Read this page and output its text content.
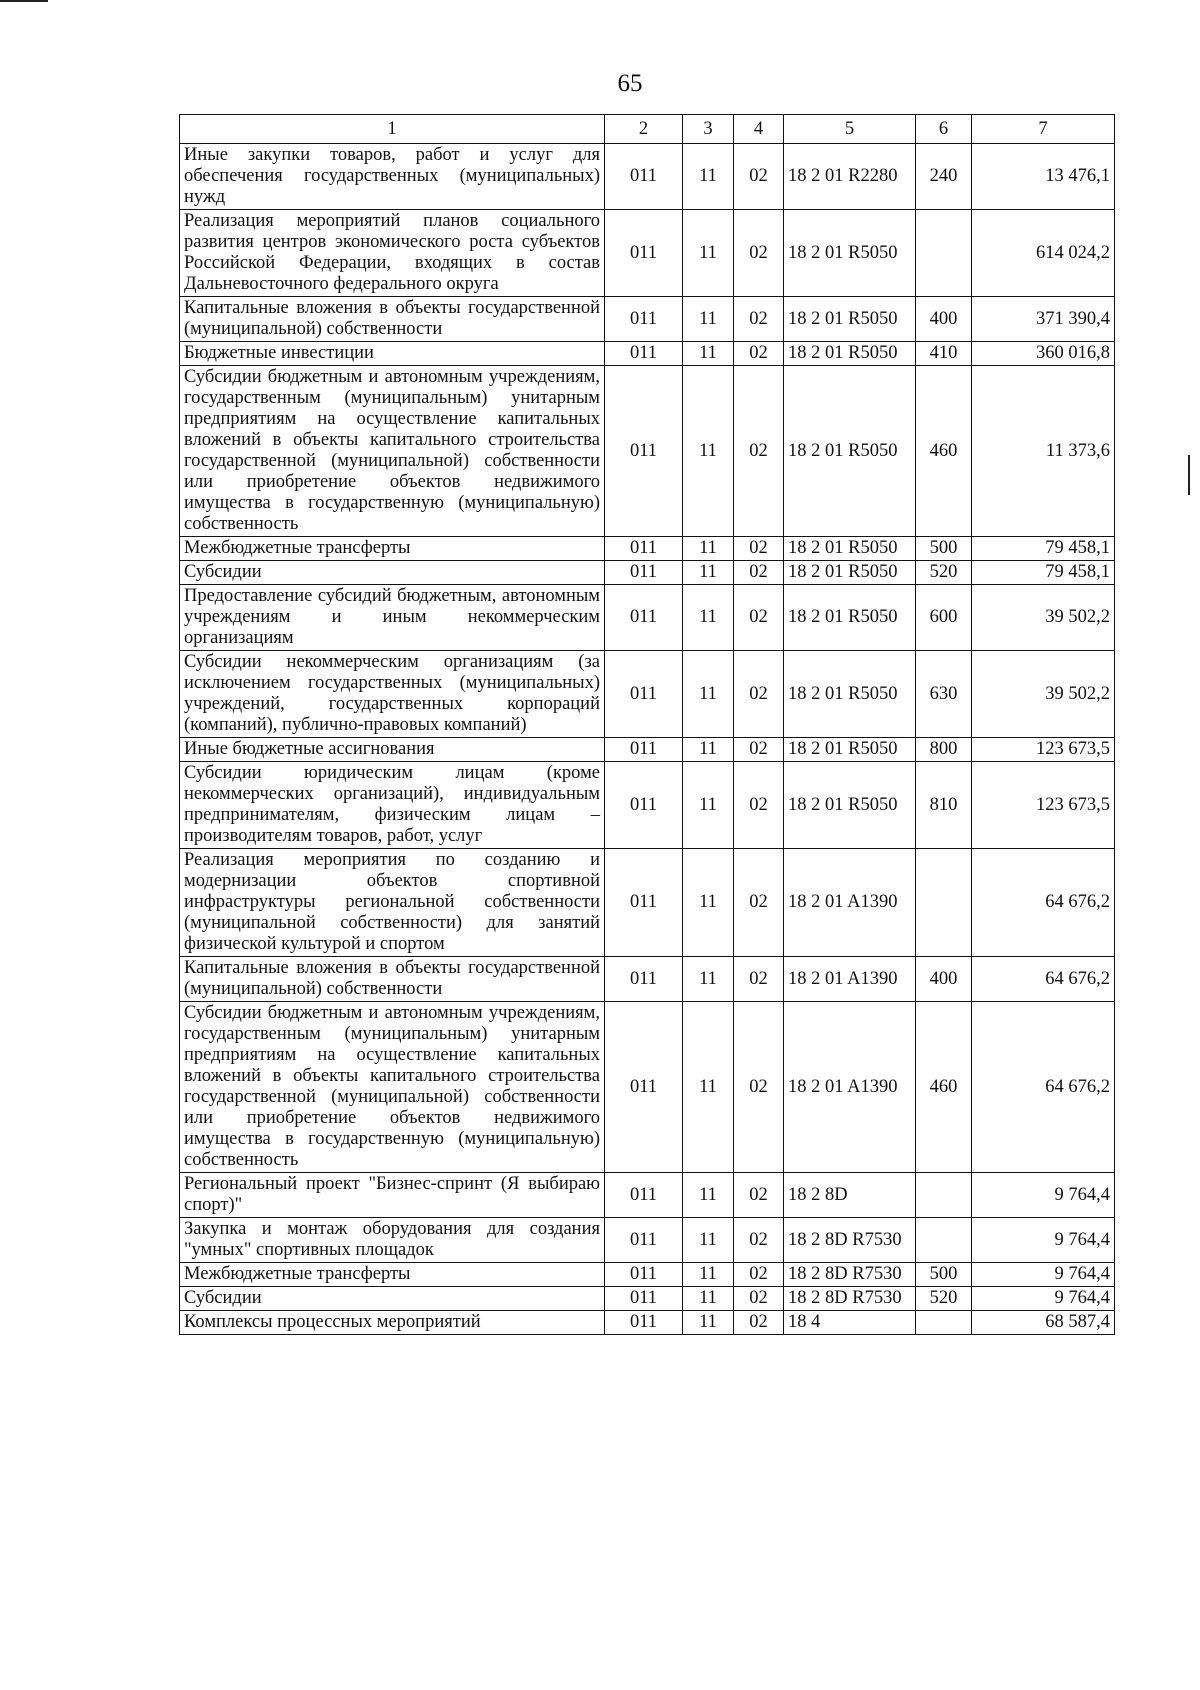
65
1	2	3	4	5	6	7
Иные закупки товаров, работ и услуг для обеспечения государственных (муниципальных) нужд	011	11	02	18 2 01 R2280	240	13 476,1
Реализация мероприятий планов социального развития центров экономического роста субъектов Российской Федерации, входящих в состав Дальневосточного федерального округа	011	11	02	18 2 01 R5050		614 024,2
Капитальные вложения в объекты государственной (муниципальной) собственности	011	11	02	18 2 01 R5050	400	371 390,4
Бюджетные инвестиции	011	11	02	18 2 01 R5050	410	360 016,8
Субсидии бюджетным и автономным учреждениям, государственным (муниципальным) унитарным предприятиям на осуществление капитальных вложений в объекты капитального строительства государственной (муниципальной) собственности или приобретение объектов недвижимого имущества в государственную (муниципальную) собственность	011	11	02	18 2 01 R5050	460	11 373,6
Межбюджетные трансферты	011	11	02	18 2 01 R5050	500	79 458,1
Субсидии	011	11	02	18 2 01 R5050	520	79 458,1
Предоставление субсидий бюджетным, автономным учреждениям и иным некоммерческим организациям	011	11	02	18 2 01 R5050	600	39 502,2
Субсидии некоммерческим организациям (за исключением государственных (муниципальных) учреждений, государственных корпораций (компаний), публично-правовых компаний)	011	11	02	18 2 01 R5050	630	39 502,2
Иные бюджетные ассигнования	011	11	02	18 2 01 R5050	800	123 673,5
Субсидии юридическим лицам (кроме некоммерческих организаций), индивидуальным предпринимателям, физическим лицам – производителям товаров, работ, услуг	011	11	02	18 2 01 R5050	810	123 673,5
Реализация мероприятия по созданию и модернизации объектов спортивной инфраструктуры региональной собственности (муниципальной собственности) для занятий физической культурой и спортом	011	11	02	18 2 01 A1390		64 676,2
Капитальные вложения в объекты государственной (муниципальной) собственности	011	11	02	18 2 01 A1390	400	64 676,2
Субсидии бюджетным и автономным учреждениям, государственным (муниципальным) унитарным предприятиям на осуществление капитальных вложений в объекты капитального строительства государственной (муниципальной) собственности или приобретение объектов недвижимого имущества в государственную (муниципальную) собственность	011	11	02	18 2 01 A1390	460	64 676,2
Региональный проект "Бизнес-спринт (Я выбираю спорт)"	011	11	02	18 2 8D		9 764,4
Закупка и монтаж оборудования для создания "умных" спортивных площадок	011	11	02	18 2 8D R7530		9 764,4
Межбюджетные трансферты	011	11	02	18 2 8D R7530	500	9 764,4
Субсидии	011	11	02	18 2 8D R7530	520	9 764,4
Комплексы процессных мероприятий	011	11	02	18 4		68 587,4
